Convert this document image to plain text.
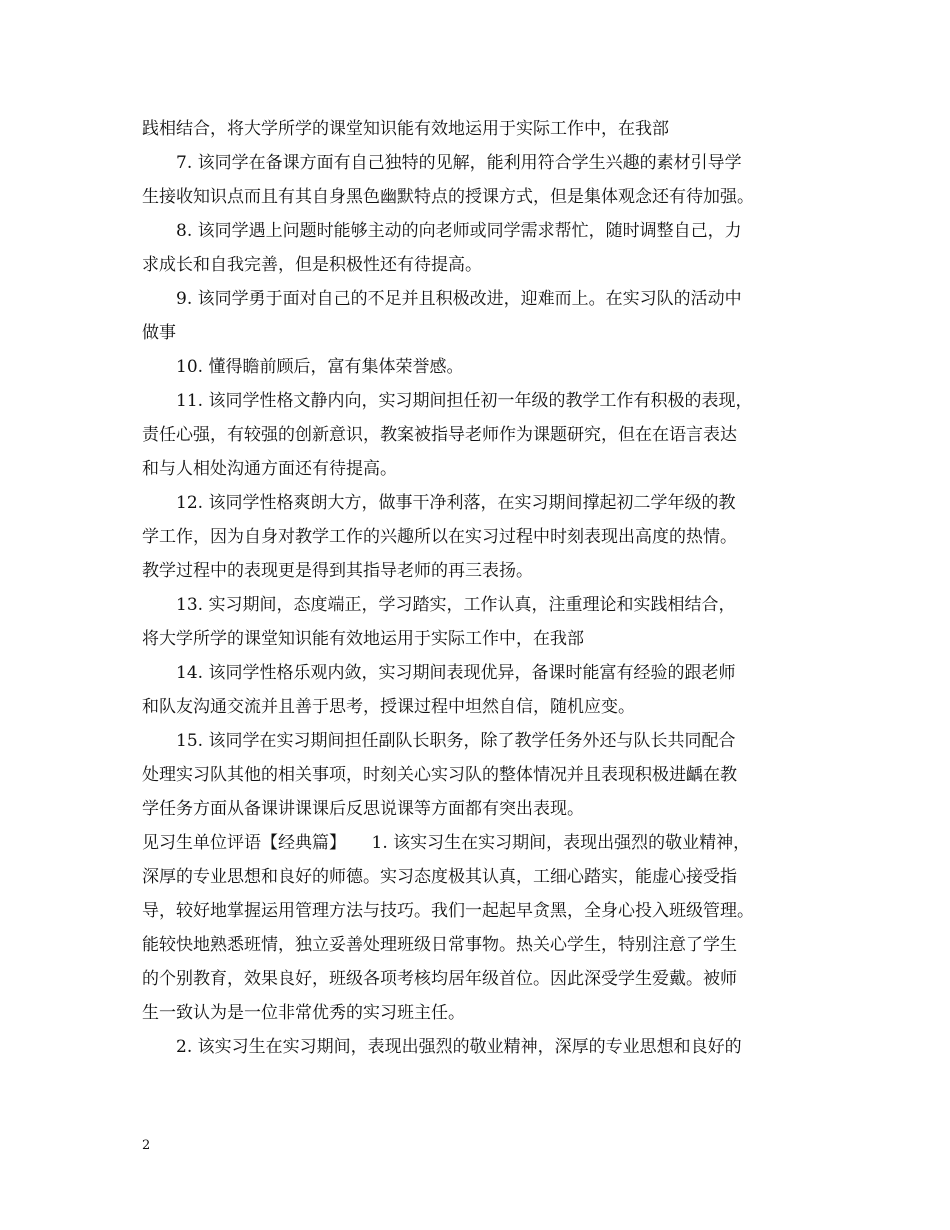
践相结合，将大学所学的课堂知识能有效地运用于实际工作中，在我部
7. 该同学在备课方面有自己独特的见解，能利用符合学生兴趣的素材引导学
生接收知识点而且有其自身黑色幽默特点的授课方式，但是集体观念还有待加强。
8. 该同学遇上问题时能够主动的向老师或同学需求帮忙，随时调整自己，力
求成长和自我完善，但是积极性还有待提高。
9. 该同学勇于面对自己的不足并且积极改进，迎难而上。在实习队的活动中
做事
10. 懂得瞻前顾后，富有集体荣誉感。
11. 该同学性格文静内向，实习期间担任初一年级的教学工作有积极的表现，
责任心强，有较强的创新意识，教案被指导老师作为课题研究，但在在语言表达
和与人相处沟通方面还有待提高。
12. 该同学性格爽朗大方，做事干净利落，在实习期间撑起初二学年级的教
学工作，因为自身对教学工作的兴趣所以在实习过程中时刻表现出高度的热情。
教学过程中的表现更是得到其指导老师的再三表扬。
13. 实习期间，态度端正，学习踏实，工作认真，注重理论和实践相结合，
将大学所学的课堂知识能有效地运用于实际工作中，在我部
14. 该同学性格乐观内敛，实习期间表现优异，备课时能富有经验的跟老师
和队友沟通交流并且善于思考，授课过程中坦然自信，随机应变。
15. 该同学在实习期间担任副队长职务，除了教学任务外还与队长共同配合
处理实习队其他的相关事项，时刻关心实习队的整体情况并且表现积极进齲在教
学任务方面从备课讲课课后反思说课等方面都有突出表现。
见习生单位评语【经典篇】　　1. 该实习生在实习期间，表现出强烈的敬业精神，
深厚的专业思想和良好的师德。实习态度极其认真，工细心踏实，能虚心接受指
导，较好地掌握运用管理方法与技巧。我们一起起早贪黑，全身心投入班级管理。
能较快地熟悉班情，独立妥善处理班级日常事物。热关心学生，特别注意了学生
的个别教育，效果良好，班级各项考核均居年级首位。因此深受学生爱戴。被师
生一致认为是一位非常优秀的实习班主任。
2. 该实习生在实习期间，表现出强烈的敬业精神，深厚的专业思想和良好的
2
